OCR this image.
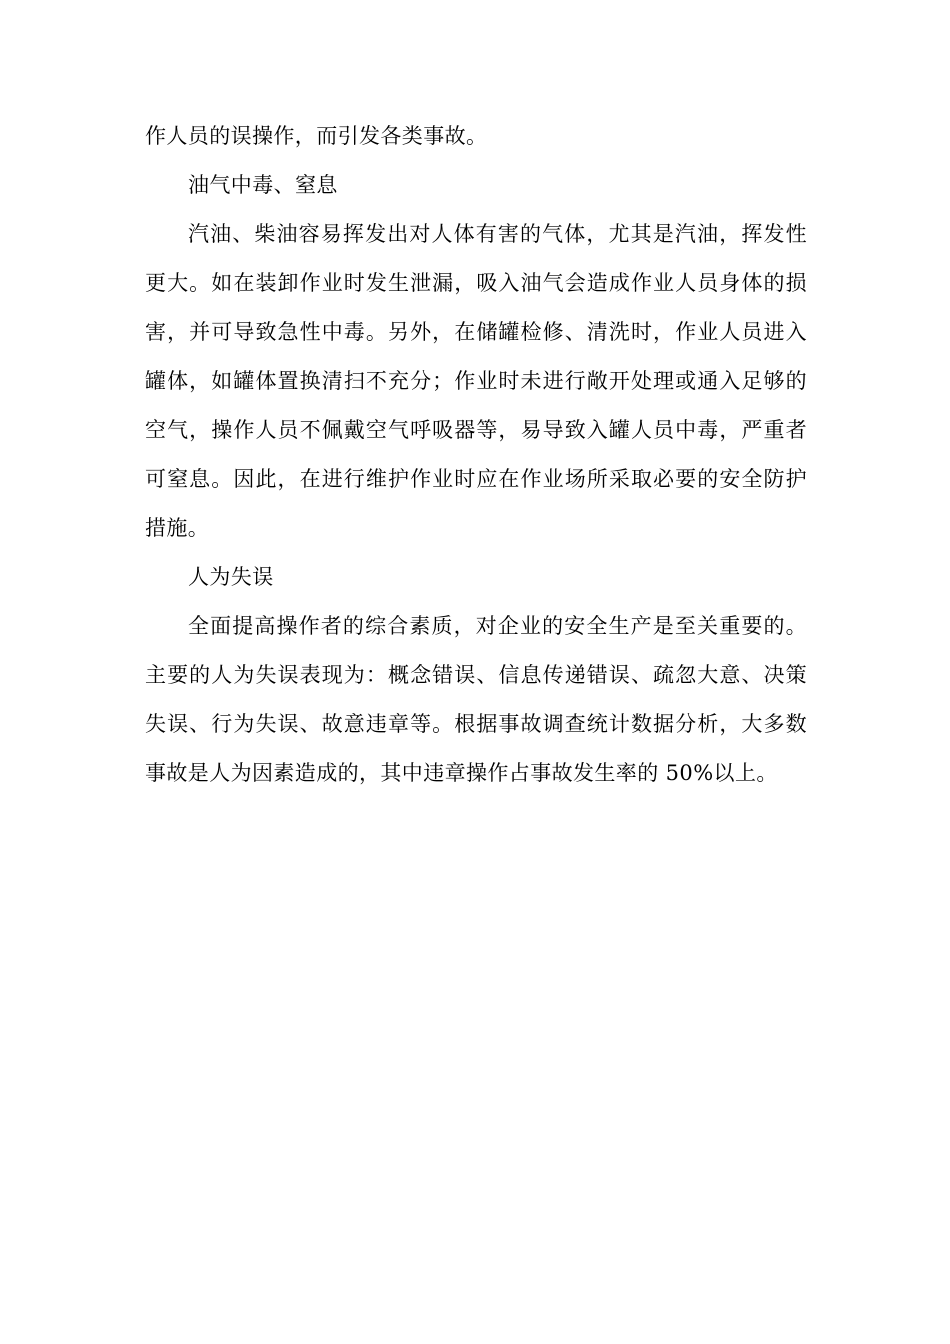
作人员的误操作，而引发各类事故。
油气中毒、窒息
汽油、柴油容易挥发出对人体有害的气体，尤其是汽油，挥发性
更大。如在装卸作业时发生泄漏，吸入油气会造成作业人员身体的损
害，并可导致急性中毒。另外，在储罐检修、清洗时，作业人员进入
罐体，如罐体置换清扫不充分；作业时未进行敞开处理或通入足够的
空气，操作人员不佩戴空气呼吸器等，易导致入罐人员中毒，严重者
可窒息。因此，在进行维护作业时应在作业场所采取必要的安全防护
措施。
人为失误
全面提高操作者的综合素质，对企业的安全生产是至关重要的。
主要的人为失误表现为：概念错误、信息传递错误、疏忽大意、决策
失误、行为失误、故意违章等。根据事故调查统计数据分析，大多数
事故是人为因素造成的，其中违章操作占事故发生率的 50%以上。
